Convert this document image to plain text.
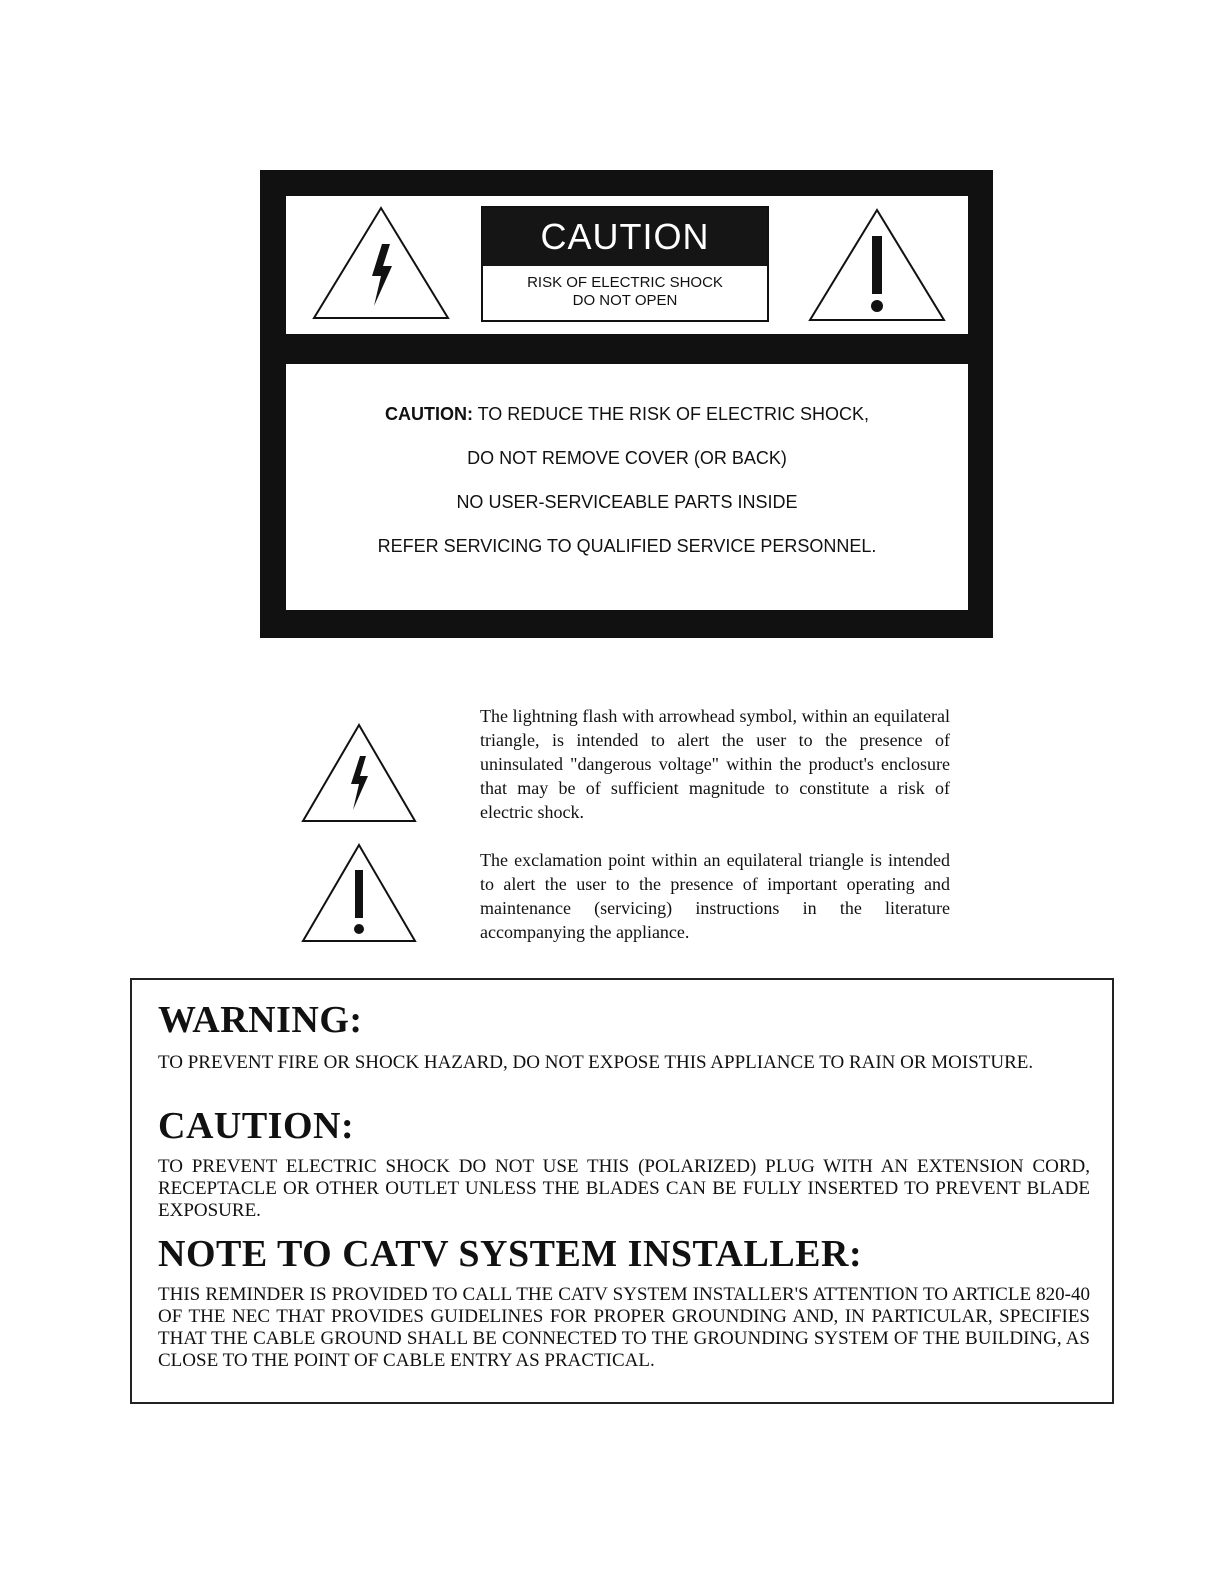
CAUTION
RISK OF ELECTRIC SHOCK
DO NOT OPEN
CAUTION: TO REDUCE THE RISK OF ELECTRIC SHOCK,
DO NOT REMOVE COVER (OR BACK)
NO USER-SERVICEABLE PARTS INSIDE
REFER SERVICING TO QUALIFIED SERVICE PERSONNEL.
The lightning flash with arrowhead symbol, within an equilateral triangle, is intended to alert the user to the presence of uninsulated "dangerous voltage" within the product's enclosure that may be of sufficient magnitude to constitute a risk of electric shock.
The exclamation point within an equilateral triangle is intended to alert the user to the presence of important operating and maintenance (servicing) instructions in the literature accompanying the appliance.
WARNING:
TO PREVENT FIRE OR SHOCK HAZARD, DO NOT EXPOSE THIS APPLIANCE TO RAIN OR MOISTURE.
CAUTION:
TO PREVENT ELECTRIC SHOCK DO NOT USE THIS (POLARIZED) PLUG WITH AN EXTENSION CORD, RECEPTACLE OR OTHER OUTLET UNLESS THE BLADES CAN BE FULLY INSERTED TO PREVENT BLADE EXPOSURE.
NOTE TO CATV SYSTEM INSTALLER:
THIS REMINDER IS PROVIDED TO CALL THE CATV SYSTEM INSTALLER'S ATTENTION TO ARTICLE 820-40 OF THE NEC THAT PROVIDES GUIDELINES FOR PROPER GROUNDING AND, IN PARTICULAR, SPECIFIES THAT THE CABLE GROUND SHALL BE CONNECTED TO THE GROUNDING SYSTEM OF THE BUILDING, AS CLOSE TO THE POINT OF CABLE ENTRY AS PRACTICAL.
